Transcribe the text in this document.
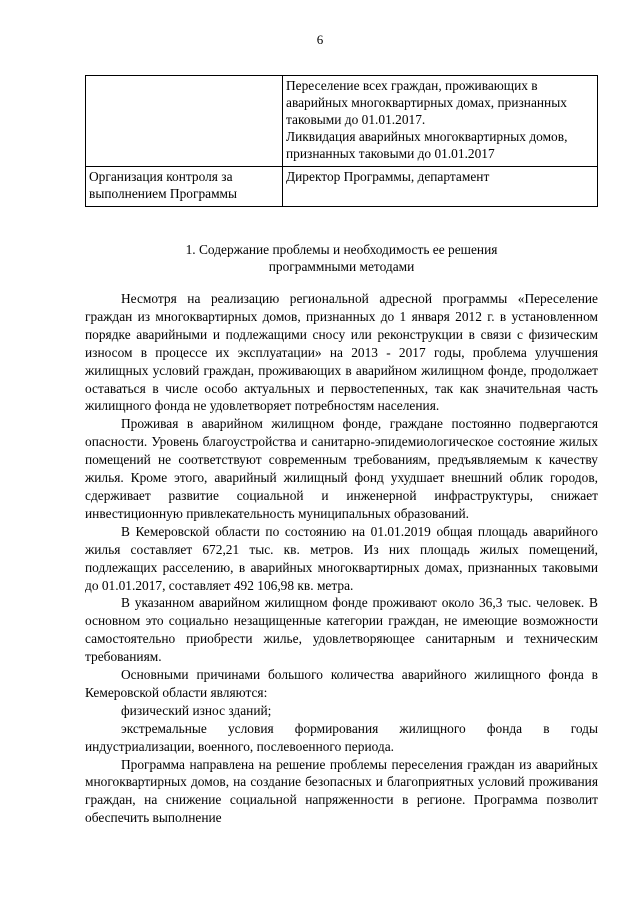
6

	Переселение всех граждан, проживающих в аварийных многоквартирных домах, признанных таковыми до 01.01.2017.

Ликвидация аварийных многоквартирных домов, признанных таковыми до 01.01.2017

Организация контроля за выполнением Программы	Директор Программы, департамент
1. Содержание проблемы и необходимость ее решения
программными методами

Несмотря на реализацию региональной адресной программы «Переселение граждан из многоквартирных домов, признанных до 1 января 2012 г. в установленном порядке аварийными и подлежащими сносу или реконструкции в связи с физическим износом в процессе их эксплуатации» на 2013 - 2017 годы, проблема улучшения жилищных условий граждан, проживающих в аварийном жилищном фонде, продолжает оставаться в числе особо актуальных и первостепенных, так как значительная часть жилищного фонда не удовлетворяет потребностям населения.

Проживая в аварийном жилищном фонде, граждане постоянно подвергаются опасности. Уровень благоустройства и санитарно-эпидемиологическое состояние жилых помещений не соответствуют современным требованиям, предъявляемым к качеству жилья. Кроме этого, аварийный жилищный фонд ухудшает внешний облик городов, сдерживает развитие социальной и инженерной инфраструктуры, снижает инвестиционную привлекательность муниципальных образований.

В Кемеровской области по состоянию на 01.01.2019 общая площадь аварийного жилья составляет 672,21 тыс. кв. метров. Из них площадь жилых помещений, подлежащих расселению, в аварийных многоквартирных домах, признанных таковыми до 01.01.2017, составляет 492 106,98 кв. метра.

В указанном аварийном жилищном фонде проживают около 36,3 тыс. человек. В основном это социально незащищенные категории граждан, не имеющие возможности самостоятельно приобрести жилье, удовлетворяющее санитарным и техническим требованиям.

Основными причинами большого количества аварийного жилищного фонда в Кемеровской области являются:

физический износ зданий;

экстремальные условия формирования жилищного фонда в годы индустриализации, военного, послевоенного периода.

Программа направлена на решение проблемы переселения граждан из аварийных многоквартирных домов, на создание безопасных и благоприятных условий проживания граждан, на снижение социальной напряженности в регионе. Программа позволит обеспечить выполнение
